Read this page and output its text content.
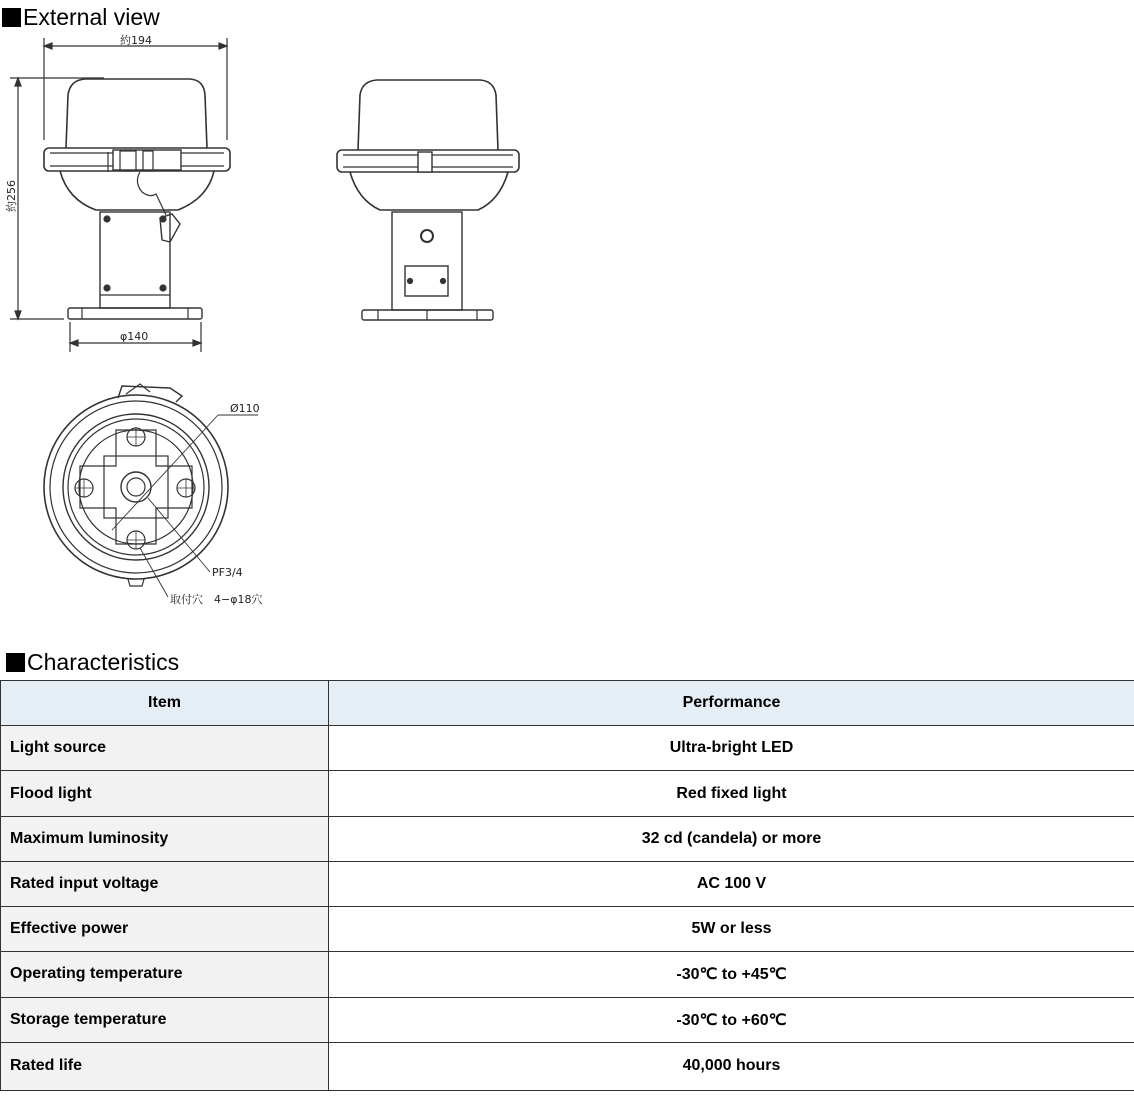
External view
約194
約256
φ140
Ø110
PF3/4
取付穴　4−φ18穴
Characteristics
Item	Performance
Light source	Ultra-bright LED
Flood light	Red fixed light
Maximum luminosity	32 cd (candela) or more
Rated input voltage	AC 100 V
Effective power	5W or less
Operating temperature	-30℃ to +45℃
Storage temperature	-30℃ to +60℃
Rated life	40,000 hours
